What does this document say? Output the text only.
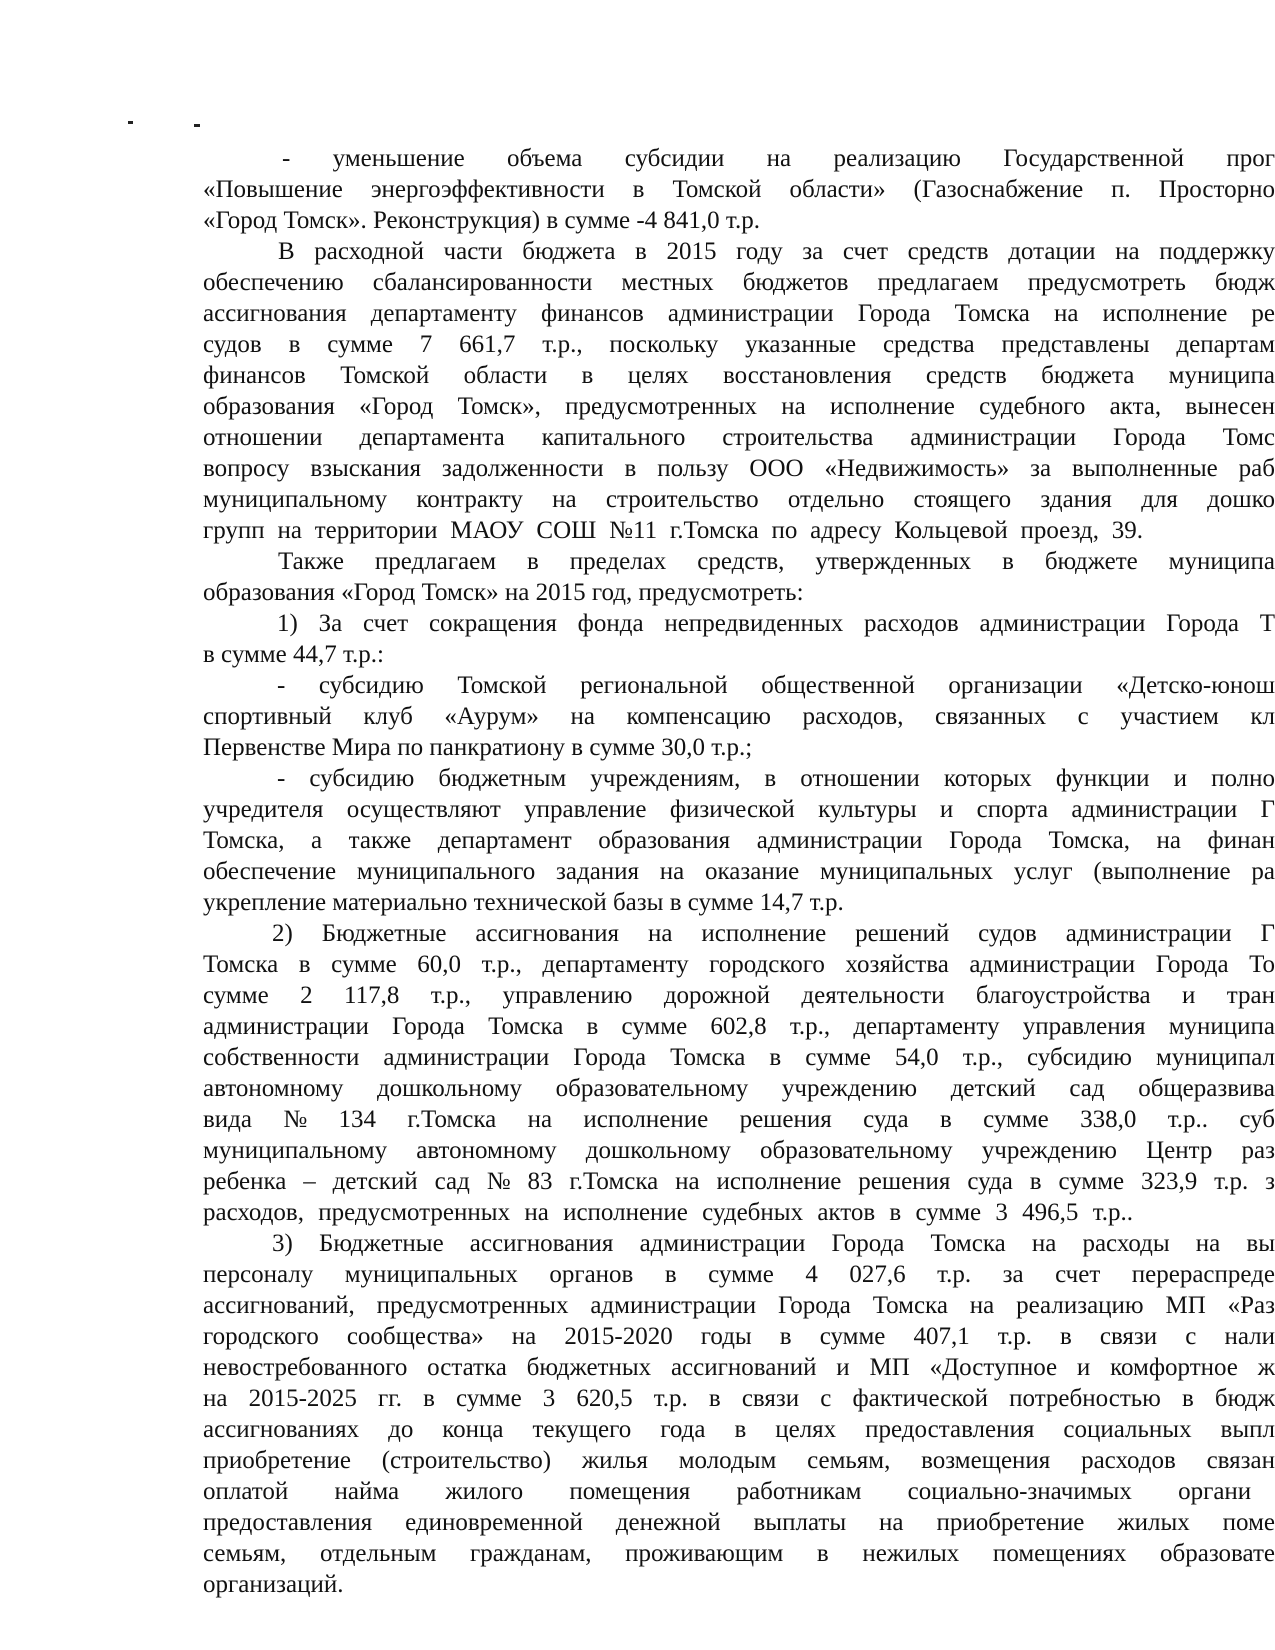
- уменьшение объема субсидии на реализацию Государственной прог
«Повышение энергоэффективности в Томской области» (Газоснабжение п. Просторно
«Город Томск». Реконструкция) в сумме -4 841,0 т.р.
В расходной части бюджета в 2015 году за счет средств дотации на поддержку
обеспечению сбалансированности местных бюджетов предлагаем предусмотреть бюдж
ассигнования департаменту финансов администрации Города Томска на исполнение ре
судов в сумме 7 661,7 т.р., поскольку указанные средства представлены департам
финансов Томской области в целях восстановления средств бюджета муниципа
образования «Город Томск», предусмотренных на исполнение судебного акта, вынесен
отношении департамента капитального строительства администрации Города Томс
вопросу взыскания задолженности в пользу ООО «Недвижимость» за выполненные раб
муниципальному контракту на строительство отдельно стоящего здания для дошко
групп на территории МАОУ СОШ №11 г.Томска по адресу Кольцевой проезд, 39.
Также предлагаем в пределах средств, утвержденных в бюджете муниципа
образования «Город Томск» на 2015 год, предусмотреть:
1) За счет сокращения фонда непредвиденных расходов администрации Города Т
в сумме 44,7 т.р.:
- субсидию Томской региональной общественной организации «Детско-юнош
спортивный клуб «Аурум» на компенсацию расходов, связанных с участием кл
Первенстве Мира по панкратиону в сумме 30,0 т.р.;
- субсидию бюджетным учреждениям, в отношении которых функции и полно
учредителя осуществляют управление физической культуры и спорта администрации Г
Томска, а также департамент образования администрации Города Томска, на финан
обеспечение муниципального задания на оказание муниципальных услуг (выполнение ра
укрепление материально технической базы в сумме 14,7 т.р.
2) Бюджетные ассигнования на исполнение решений судов администрации Г
Томска в сумме 60,0 т.р., департаменту городского хозяйства администрации Города То
сумме 2 117,8 т.р., управлению дорожной деятельности благоустройства и тран
администрации Города Томска в сумме 602,8 т.р., департаменту управления муниципа
собственности администрации Города Томска в сумме 54,0 т.р., субсидию муниципал
автономному дошкольному образовательному учреждению детский сад общеразвива
вида № 134 г.Томска на исполнение решения суда в сумме 338,0 т.р.. суб
муниципальному автономному дошкольному образовательному учреждению Центр раз
ребенка – детский сад № 83 г.Томска на исполнение решения суда в сумме 323,9 т.р. з
расходов, предусмотренных на исполнение судебных актов в сумме 3 496,5 т.р..
3) Бюджетные ассигнования администрации Города Томска на расходы на вы
персоналу муниципальных органов в сумме 4 027,6 т.р. за счет перераспреде
ассигнований, предусмотренных администрации Города Томска на реализацию МП «Раз
городского сообщества» на 2015-2020 годы в сумме 407,1 т.р. в связи с нали
невостребованного остатка бюджетных ассигнований и МП «Доступное и комфортное ж
на 2015-2025 гг. в сумме 3 620,5 т.р. в связи с фактической потребностью в бюдж
ассигнованиях до конца текущего года в целях предоставления социальных выпл
приобретение (строительство) жилья молодым семьям, возмещения расходов связан
оплатой найма жилого помещения работникам социально-значимых органи
предоставления единовременной денежной выплаты на приобретение жилых поме
семьям, отдельным гражданам, проживающим в нежилых помещениях образовате
организаций.
